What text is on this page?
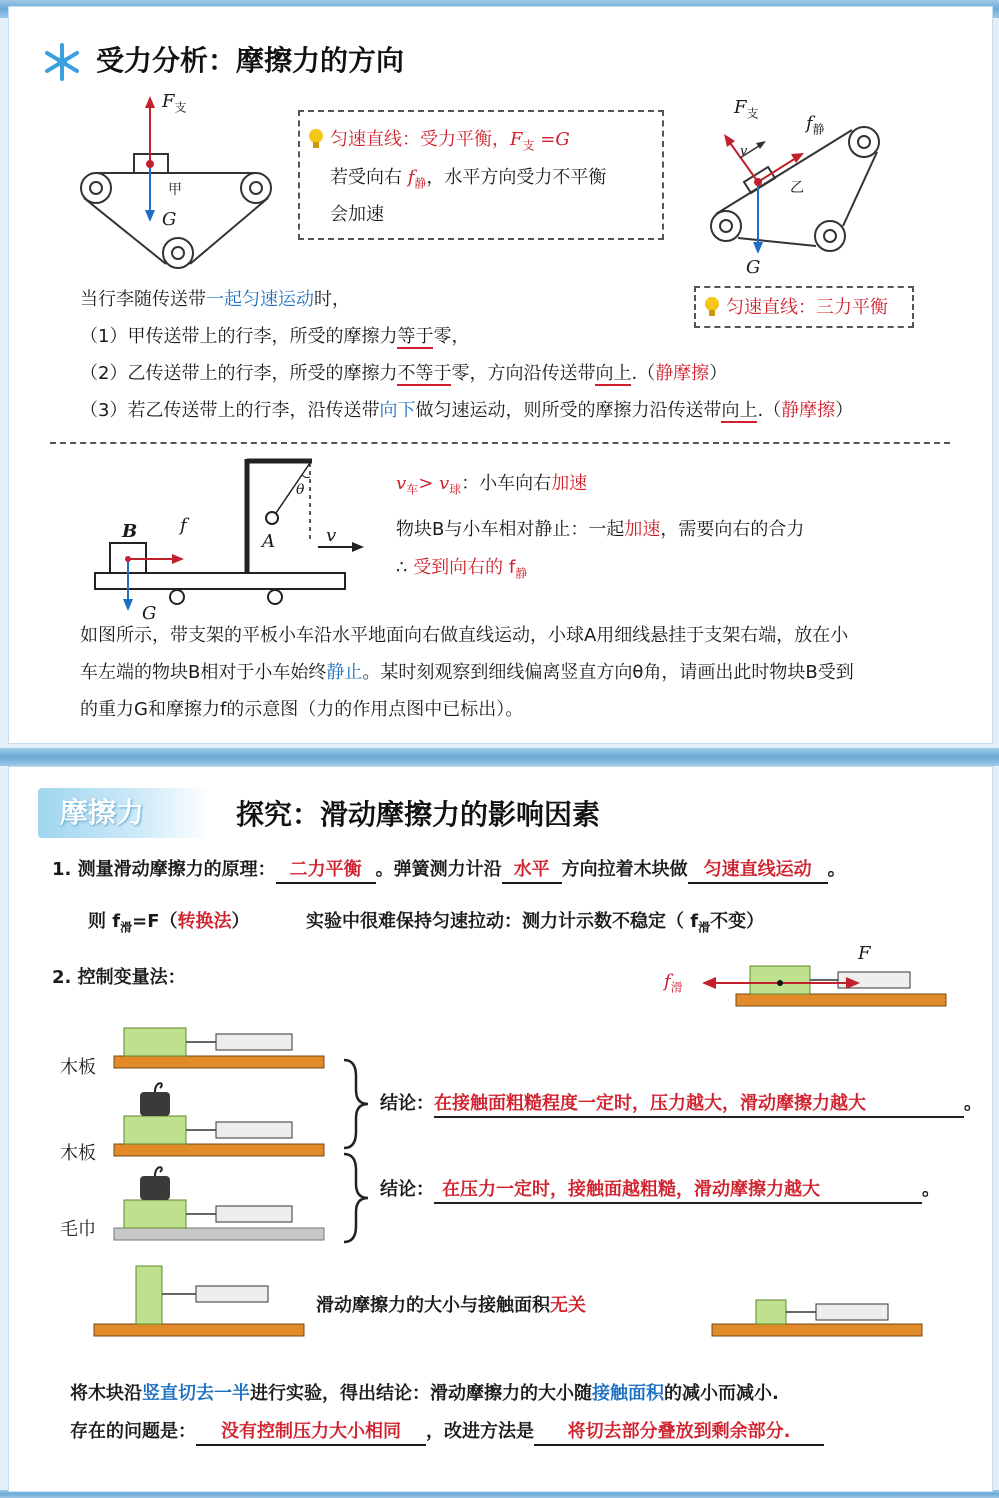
受力分析：摩擦力的方向
$F_支$
G
甲
匀速直线：受力平衡，$F_支 =G$
若受向右 $f_静$，水平方向受力不平衡
会加速
$F_支$	$f_静$
v
乙
G
匀速直线：三力平衡
当行李随传送带一起匀速运动时，
（1）甲传送带上的行李，所受的摩擦力等于零，
（2）乙传送带上的行李，所受的摩擦力不等于零，方向沿传送带向上.（静摩擦）
（3）若乙传送带上的行李，沿传送带向下做匀速运动，则所受的摩擦力沿传送带向上.（静摩擦）
B f
A
θ
v
G
$v_车> v_球$：小车向右加速
物块B与小车相对静止：一起加速，需要向右的合力
∴ 受到向右的 $f_静$
如图所示，带支架的平板小车沿水平地面向右做直线运动，小球A用细线悬挂于支架右端，放在小
车左端的物块B相对于小车始终静止。某时刻观察到细线偏离竖直方向θ角，请画出此时物块B受到
的重力G和摩擦力f的示意图（力的作用点图中已标出）。
摩擦力	探究：滑动摩擦力的影响因素
1. 测量滑动摩擦力的原理： 二力平衡 。弹簧测力计沿 水平 方向拉着木块做 匀速直线运动 。
则 $f_滑=F$（转换法）	实验中很难保持匀速拉动：测力计示数不稳定（ $f_滑$不变）
2. 控制变量法：	$f_滑$
F
木板
木板
毛巾
结论：在接触面粗糙程度一定时，压力越大，滑动摩擦力越大	。
结论： 在压力一定时，接触面越粗糙，滑动摩擦力越大	。
滑动摩擦力的大小与接触面积无关
将木块沿竖直切去一半进行实验，得出结论：滑动摩擦力的大小随接触面积的减小而减小.
存在的问题是： 没有控制压力大小相同 ，改进方法是 将切去部分叠放到剩余部分.
